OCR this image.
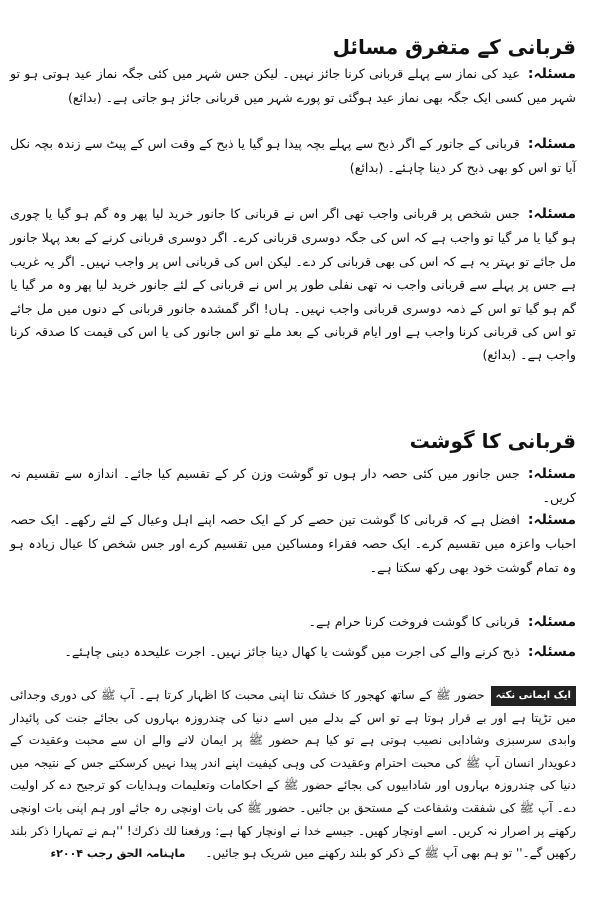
قربانی کے متفرق مسائل
مسئلہ:عید کی نماز سے پہلے قربانی کرنا جائز نہیں۔ لیکن جس شہر میں کئی جگہ نماز عید ہوتی ہو تو شہر میں کسی ایک جگہ بھی نماز عید ہوگئی تو پورے شہر میں قربانی جائز ہو جاتی ہے۔ (بدائع)
مسئلہ:قربانی کے جانور کے اگر ذبح سے پہلے بچہ پیدا ہو گیا یا ذبح کے وقت اس کے پیٹ سے زندہ بچہ نکل آیا تو اس کو بھی ذبح کر دینا چاہئے۔ (بدائع)
مسئلہ:جس شخص پر قربانی واجب تھی اگر اس نے قربانی کا جانور خرید لیا پھر وہ گم ہو گیا یا چوری ہو گیا یا مر گیا تو واجب ہے کہ اس کی جگہ دوسری قربانی کرے۔ اگر دوسری قربانی کرنے کے بعد پہلا جانور مل جائے تو بہتر یہ ہے کہ اس کی بھی قربانی کر دے۔ لیکن اس کی قربانی اس پر واجب نہیں۔ اگر یہ غریب ہے جس پر پہلے سے قربانی واجب نہ تھی نفلی طور پر اس نے قربانی کے لئے جانور خرید لیا پھر وہ مر گیا یا گم ہو گیا تو اس کے ذمہ دوسری قربانی واجب نہیں۔ ہاں! اگر گمشدہ جانور قربانی کے دنوں میں مل جائے تو اس کی قربانی کرنا واجب ہے اور ایام قربانی کے بعد ملے تو اس جانور کی یا اس کی قیمت کا صدقہ کرنا واجب ہے۔ (بدائع)
قربانی کا گوشت
مسئلہ:جس جانور میں کئی حصہ دار ہوں تو گوشت وزن کر کے تقسیم کیا جائے۔ اندازہ سے تقسیم نہ کریں۔
مسئلہ:افضل ہے کہ قربانی کا گوشت تین حصے کر کے ایک حصہ اپنے اہل وعیال کے لئے رکھے۔ ایک حصہ احباب واعزہ میں تقسیم کرے۔ ایک حصہ فقراء ومساکین میں تقسیم کرے اور جس شخص کا عیال زیادہ ہو وہ تمام گوشت خود بھی رکھ سکتا ہے۔
مسئلہ:قربانی کا گوشت فروخت کرنا حرام ہے۔
مسئلہ:ذبح کرنے والے کی اجرت میں گوشت یا کھال دینا جائز نہیں۔ اجرت علیحدہ دینی چاہئے۔
ایک ایمانی نکتہحضور ﷺ کے ساتھ کھجور کا خشک تنا اپنی محبت کا اظہار کرتا ہے۔ آپ ﷺ کی دوری وجدائی میں تڑپتا ہے اور بے قرار ہوتا ہے تو اس کے بدلے میں اسے دنیا کی چندروزہ بہاروں کی بجائے جنت کی پائیدار وابدی سرسبزی وشادابی نصیب ہوتی ہے تو کیا ہم حضور ﷺ پر ایمان لانے والے ان سے محبت وعقیدت کے دعویدار انسان آپ ﷺ کی محبت احترام وعقیدت کی وہی کیفیت اپنے اندر پیدا نہیں کرسکتے جس کے نتیجہ میں دنیا کی چندروزہ بہاروں اور شادابیوں کی بجائے حضور ﷺ کے احکامات وتعلیمات وہدایات کو ترجیح دے کر اولیت دے۔ آپ ﷺ کی شفقت وشفاعت کے مستحق بن جائیں۔ حضور ﷺ کی بات اونچی رہ جائے اور ہم اپنی بات اونچی رکھنے پر اصرار نہ کریں۔ اسے اونچار کھیں۔ جیسے خدا نے اونچار کھا ہے: ورفعنا لك ذكرك! ''ہم نے تمہارا ذکر بلند رکھیں گے۔'' تو ہم بھی آپ ﷺ کے ذکر کو بلند رکھنے میں شریک ہو جائیں۔ماہنامہ الحق رجب ۲۰۰۴ء
